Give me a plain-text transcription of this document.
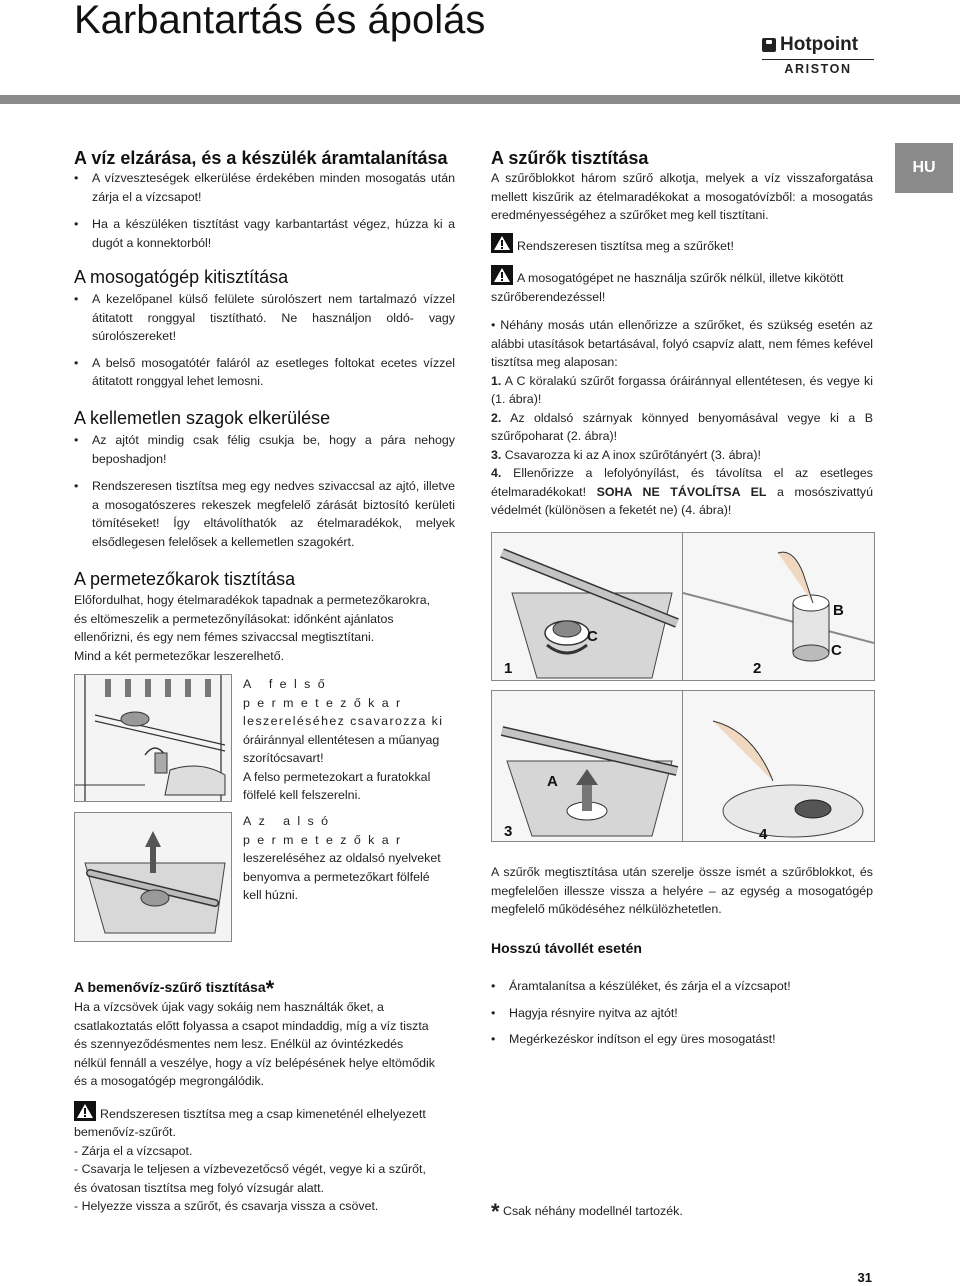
Karbantartás és ápolás
Hotpoint
ARISTON
HU
A víz elzárása, és a készülék áramtalanítása
• A vízveszteségek elkerülése érdekében minden mosogatás után zárja el a vízcsapot!
• Ha a készüléken tisztítást vagy karbantartást végez, húzza ki a dugót a konnektorból!
A mosogatógép kitisztítása
• A kezelőpanel külső felülete súrolószert nem tartalmazó vízzel átitatott ronggyal tisztítható. Ne használjon oldó- vagy súrolószereket!
• A belső mosogatótér faláról az esetleges foltokat ecetes vízzel átitatott ronggyal lehet lemosni.
A kellemetlen szagok elkerülése
• Az ajtót mindig csak félig csukja be, hogy a pára nehogy beposhadjon!
• Rendszeresen tisztítsa meg egy nedves szivaccsal az ajtó, illetve a mosogatószeres rekeszek megfelelő zárását biztosító kerületi tömítéseket! Így eltávolíthatók az ételmaradékok, melyek elsődlegesen felelősek a kellemetlen szagokért.
A permetezőkarok tisztítása

Előfordulhat, hogy ételmaradékok tapadnak a permetezőkarokra,

és eltömeszelik a permetezőnyílásokat: időnként ajánlatos

ellenőrizni, és egy nem fémes szivaccsal megtisztítani.

Mind a két permetezőkar leszerelhető.

A felső permetezőkar

leszereléséhez csavarozza ki

óráiránnyal ellentétesen a műanyag

szorítócsavart!

A felso permetezokart a furatokkal

fölfelé kell felszerelni.

Az alsó permetezőkar

leszereléséhez az oldalsó nyelveket

benyomva a permetezőkart fölfelé

kell húzni.

A bemenővíz-szűrő tisztítása*

Ha a vízcsövek újak vagy sokáig nem használták őket, a

csatlakoztatás előtt folyassa a csapot mindaddig, míg a víz tiszta

és szennyeződésmentes nem lesz. Enélkül az óvintézkedés

nélkül fennáll a veszélye, hogy a víz belépésének helye eltömődik

és a mosogatógép megrongálódik.

Rendszeresen tisztítsa meg a csap kimeneténél elhelyezett

bemenővíz-szűrőt.

- Zárja el a vízcsapot.

- Csavarja le teljesen a vízbevezetőcső végét, vegye ki a szűrőt,

és óvatosan tisztítsa meg folyó vízsugár alatt.

- Helyezze vissza a szűrőt, és csavarja vissza a csövet.

A szűrők tisztítása

A szűrőblokkot három szűrő alkotja, melyek a víz visszaforgatása mellett kiszűrik az ételmaradékokat a mosogatóvízből: a mosogatás eredményességéhez a szűrőket meg kell tisztítani.

Rendszeresen tisztítsa meg a szűrőket!

A mosogatógépet ne használja szűrők nélkül, illetve kikötött szűrőberendezéssel!

• Néhány mosás után ellenőrizze a szűrőket, és szükség esetén az alábbi utasítások betartásával, folyó csapvíz alatt, nem fémes kefével tisztítsa meg alaposan:

1. A C köralakú szűrőt forgassa óráiránnyal ellentétesen, és vegye ki (1. ábra)!

2. Az oldalsó szárnyak könnyed benyomásával vegye ki a B szűrőpoharat (2. ábra)!

3. Csavarozza ki az A inox szűrőtányért (3. ábra)!

4. Ellenőrizze a lefolyónyílást, és távolítsa el az esetleges ételmaradékokat! SOHA NE TÁVOLÍTSA EL a mosószivattyú védelmét (különösen a feketét ne) (4. ábra)!

C
1
B
C
2
A
3	4

A szűrők megtisztítása után szerelje össze ismét a szűrőblokkot, és megfelelően illessze vissza a helyére – az egység a mosogatógép megfelelő működéséhez nélkülözhetetlen.

Hosszú távollét esetén
• Áramtalanítsa a készüléket, és zárja el a vízcsapot!
• Hagyja résnyire nyitva az ajtót!
• Megérkezéskor indítson el egy üres mosogatást!

* Csak néhány modellnél tartozék.

31
